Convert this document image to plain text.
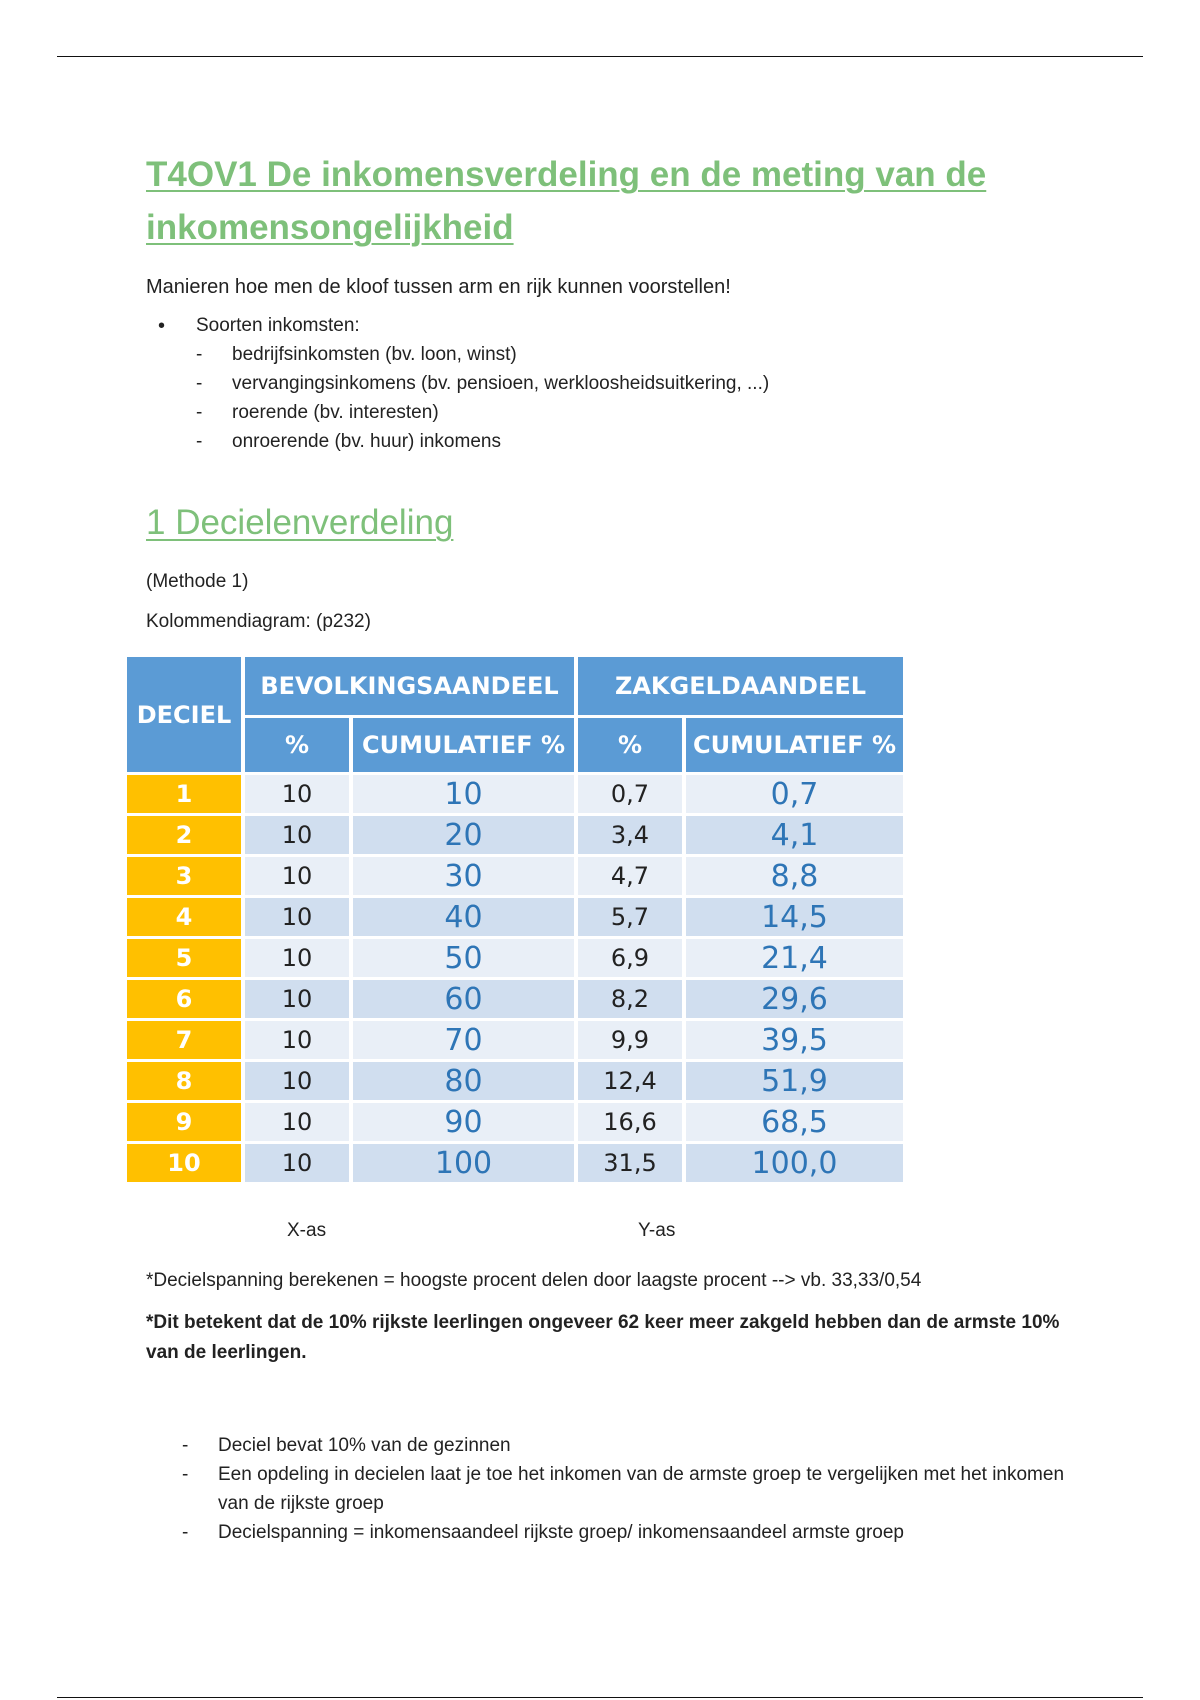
T4OV1 De inkomensverdeling en de meting van de inkomensongelijkheid

Manieren hoe men de kloof tussen arm en rijk kunnen voorstellen!

• Soorten inkomsten:
- bedrijfsinkomsten (bv. loon, winst)
- vervangingsinkomens (bv. pensioen, werkloosheidsuitkering, ...)
- roerende (bv. interesten)
- onroerende (bv. huur) inkomens
1 Decielenverdeling

(Methode 1)

Kolommendiagram: (p232)

DECIEL	BEVOLKINGSAANDEEL		ZAKGELDAANDEEL	
	%	CUMULATIEF %	%	CUMULATIEF %
1	10	10	0,7	0,7
2	10	20	3,4	4,1
3	10	30	4,7	8,8
4	10	40	5,7	14,5
5	10	50	6,9	21,4
6	10	60	8,2	29,6
7	10	70	9,9	39,5
8	10	80	12,4	51,9
9	10	90	16,6	68,5
10	10	100	31,5	100,0
X-as	Y-as

*Decielspanning berekenen = hoogste procent delen door laagste procent --> vb. 33,33/0,54

*Dit betekent dat de 10% rijkste leerlingen ongeveer 62 keer meer zakgeld hebben dan de armste 10% van de leerlingen.

- Deciel bevat 10% van de gezinnen
- Een opdeling in decielen laat je toe het inkomen van de armste groep te vergelijken met het inkomen van de rijkste groep
- Decielspanning = inkomensaandeel rijkste groep/ inkomensaandeel armste groep
